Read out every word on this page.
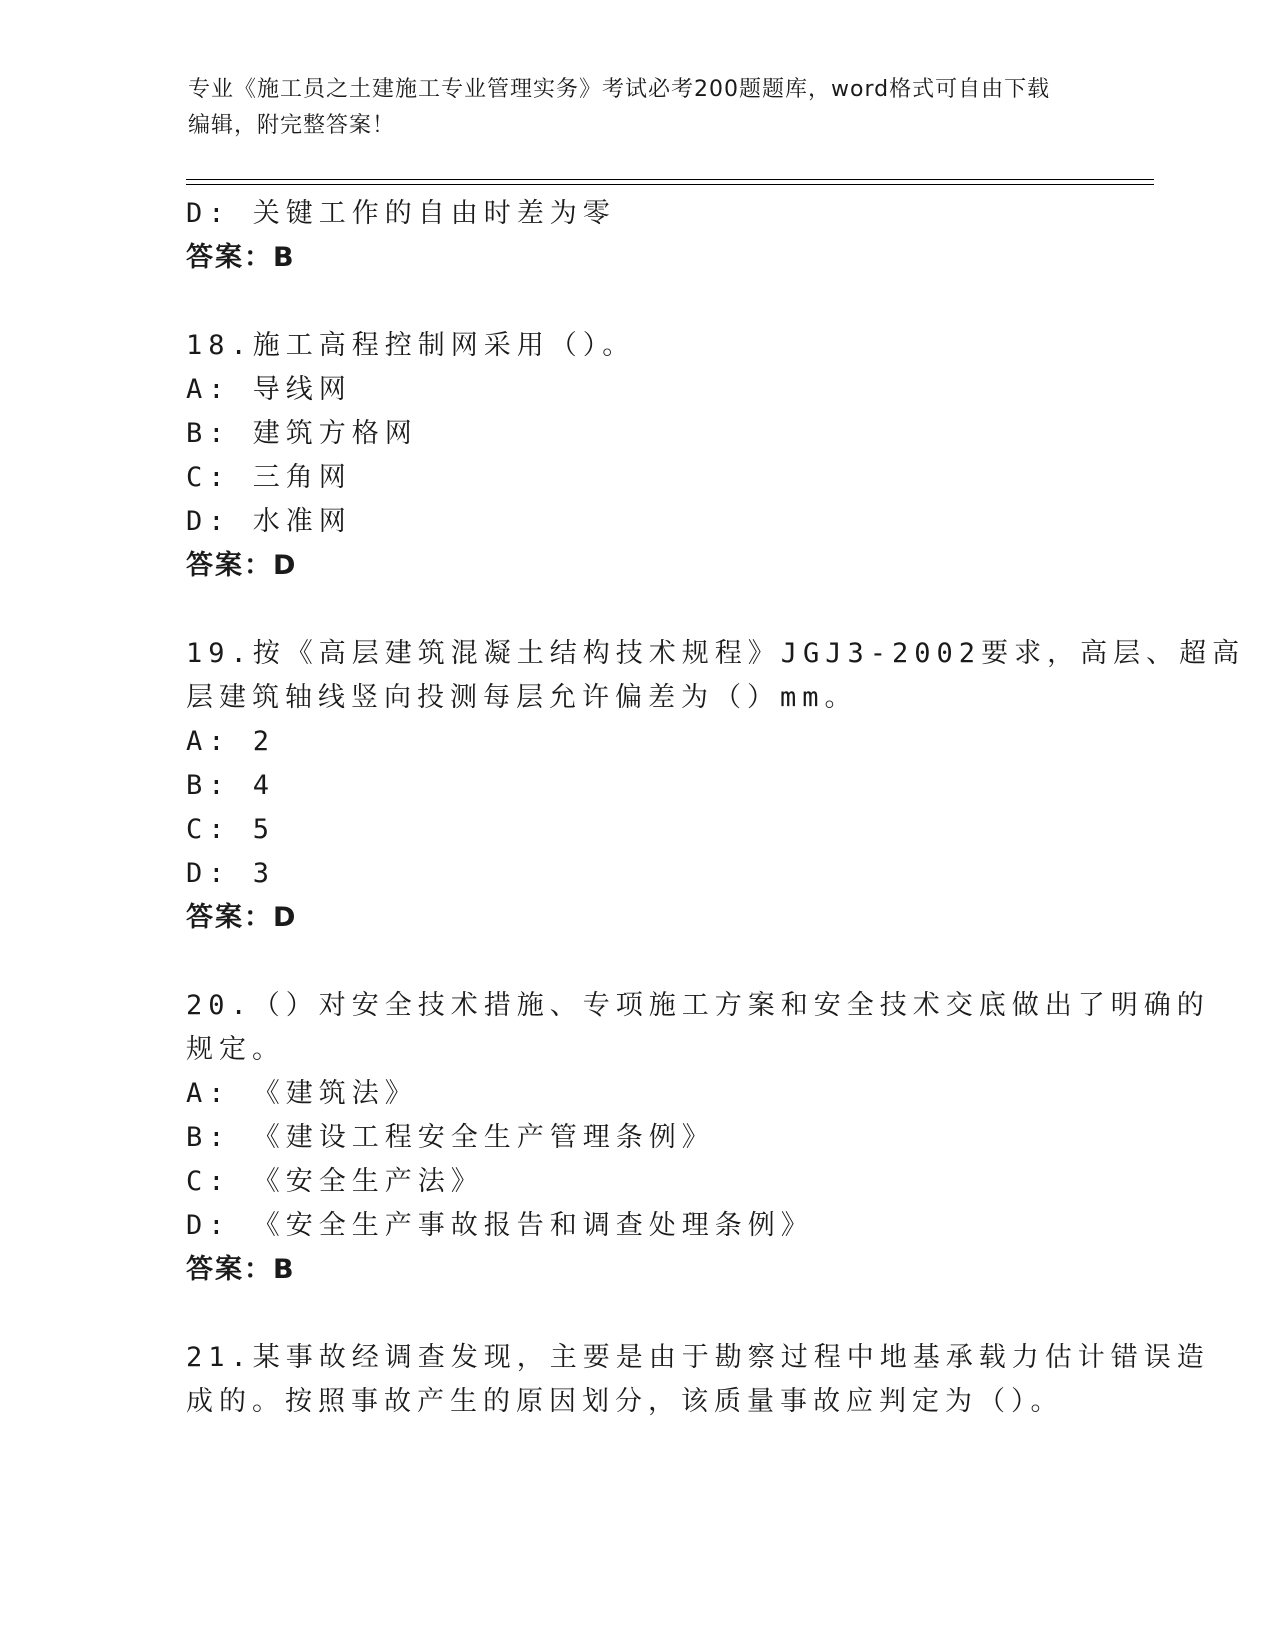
专业《施工员之土建施工专业管理实务》考试必考200题题库，word格式可自由下载编辑，附完整答案！
D: 关键工作的自由时差为零
答案：B
18.施工高程控制网采用（）。
A: 导线网
B: 建筑方格网
C: 三角网
D: 水准网
答案：D
19.按《高层建筑混凝土结构技术规程》JGJ3-2002要求，高层、超高
层建筑轴线竖向投测每层允许偏差为（）mm。
A: 2
B: 4
C: 5
D: 3
答案：D
20.（）对安全技术措施、专项施工方案和安全技术交底做出了明确的
规定。
A: 《建筑法》
B: 《建设工程安全生产管理条例》
C: 《安全生产法》
D: 《安全生产事故报告和调查处理条例》
答案：B
21.某事故经调查发现，主要是由于勘察过程中地基承载力估计错误造
成的。按照事故产生的原因划分，该质量事故应判定为（）。
